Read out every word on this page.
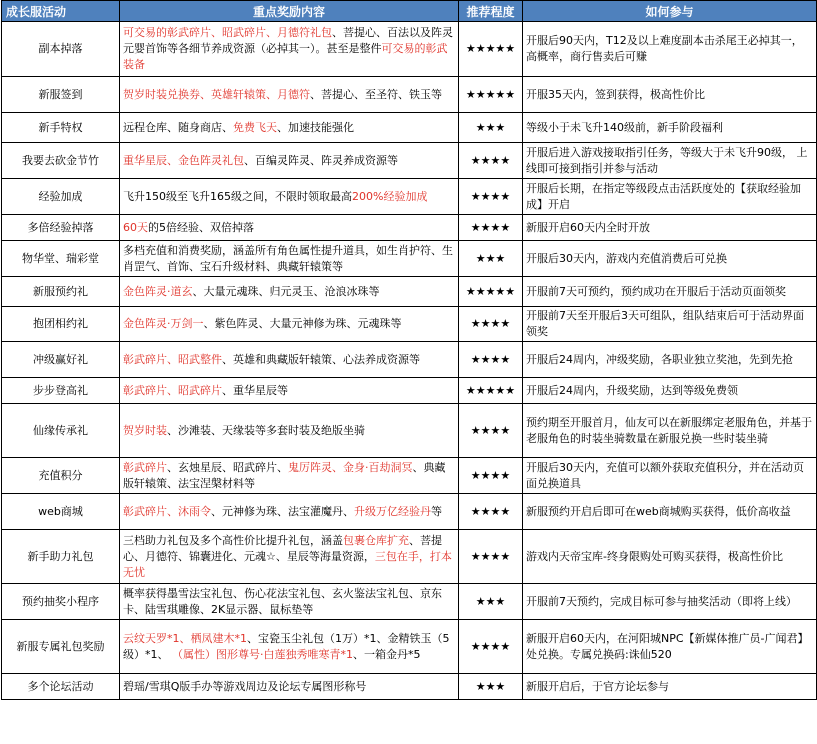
成长服活动	重点奖励内容	推荐程度	如何参与
副本掉落	可交易的彰武碎片、昭武碎片、月德符礼包、菩提心、百法以及阵灵元婴首饰等各细节养成资源（必掉其一）。甚至是整件可交易的彰武装备	★★★★★	开服后90天内，T12及以上难度副本击杀尾王必掉其一， 高概率，商行售卖后可赚
新服签到	贺岁时装兑换券、英雄轩辕策、月德符、菩提心、至圣符、铁玉等	★★★★★	开服35天内，签到获得，极高性价比
新手特权	远程仓库、随身商店、免费飞天、加速技能强化	★★★	等级小于未飞升140级前，新手阶段福利
我要去砍金节竹	重华星辰、金色阵灵礼包、百编灵阵灵、阵灵养成资源等	★★★★	开服后进入游戏接取指引任务，等级大于未飞升90级， 上线即可接到指引并参与活动
经验加成	飞升150级至飞升165级之间，不限时领取最高200%经验加成	★★★★	开服后长期，在指定等级段点击活跃度处的【获取经验加成】开启
多倍经验掉落	60天的5倍经验、双倍掉落	★★★★	新服开启60天内全时开放
物华堂、瑞彩堂	多档充值和消费奖励，涵盖所有角色属性提升道具，如生肖护符、生肖罡气、首饰、宝石升级材料、典藏轩辕策等	★★★	开服后30天内，游戏内充值消费后可兑换
新服预约礼	金色阵灵·道玄、大量元魂珠、归元灵玉、沧浪冰珠等	★★★★★	开服前7天可预约，预约成功在开服后于活动页面领奖
抱团相约礼	金色阵灵·万剑一、紫色阵灵、大量元神修为珠、元魂珠等	★★★★	开服前7天至开服后3天可组队，组队结束后可于活动界面领奖
冲级赢好礼	彰武碎片、昭武整件、英雄和典藏版轩辕策、心法养成资源等	★★★★	开服后24周内，冲级奖励，各职业独立奖池，先到先抢
步步登高礼	彰武碎片、昭武碎片、重华星辰等	★★★★★	开服后24周内，升级奖励，达到等级免费领
仙缘传承礼	贺岁时装、沙滩装、天缘装等多套时装及绝版坐骑	★★★★	预约期至开服首月，仙友可以在新服绑定老服角色，并基于老服角色的时装坐骑数量在新服兑换一些时装坐骑
充值积分	彰武碎片、玄烛星辰、昭武碎片、鬼厉阵灵、金身·百劫洞冥、典藏版轩辕策、法宝涅槃材料等	★★★★	开服后30天内，充值可以额外获取充值积分，并在活动页面兑换道具
web商城	彰武碎片、沐雨令、元神修为珠、法宝灌魔丹、升级万亿经验丹等	★★★★	新服预约开启后即可在web商城购买获得，低价高收益
新手助力礼包	三档助力礼包及多个高性价比提升礼包，涵盖包裹仓库扩充、菩提心、月德符、锦囊进化、元魂☆、星辰等海量资源，三包在手，打本无忧	★★★★	游戏内天帝宝库-终身限购处可购买获得，极高性价比
预约抽奖小程序	概率获得墨雪法宝礼包、伤心花法宝礼包、玄火鉴法宝礼包、京东卡、陆雪琪雕像、2K显示器、鼠标垫等	★★★	开服前7天预约，完成目标可参与抽奖活动（即将上线）
新服专属礼包奖励	云纹天罗*1、栖凤建木*1、宝瓷玉尘礼包（1万）*1、金精铁玉（5级）*1、 （属性）图形尊号·白莲独秀唯寒青*1、一箱金丹*5	★★★★	新服开启60天内，在河阳城NPC【新媒体推广员-广闻君】处兑换。专属兑换码:诛仙520
多个论坛活动	碧瑶/雪琪Q版手办等游戏周边及论坛专属图形称号	★★★	新服开启后，于官方论坛参与
